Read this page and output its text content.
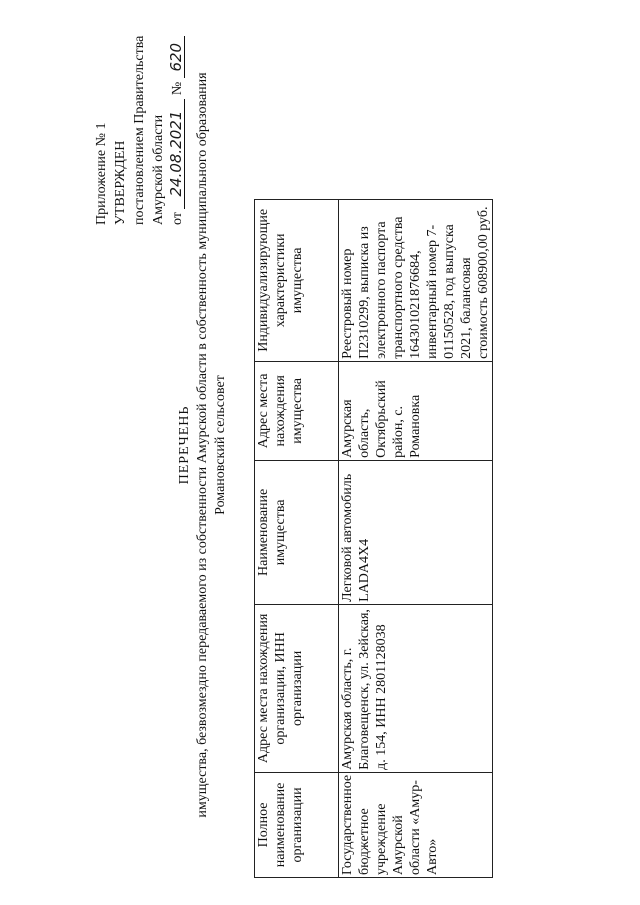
Приложение № 1 УТВЕРЖДЕН постановлением Правительства Амурской области от 24.08.2021 № 620
ПЕРЕЧЕНЬ имущества, безвозмездно передаваемого из собственности Амурской области в собственность муниципального образования Романовский сельсовет
Полное наименование организации	Адрес места нахождения организации, ИНН организации	Наименование имущества	Адрес места нахождения имущества	Индивидуализирующие характеристики имущества
Государственное бюджетное учреждение Амурской области «Амур-Авто»	Амурская область, г. Благовещенск, ул. Зейская, д. 154, ИНН 2801128038	Легковой автомобиль LADA4X4	Амурская область, Октябрьский район, с. Романовка	Реестровый номер П2310299, выписка из электронного паспорта транспортного средства 164301021876684, инвентарный номер 7-01150528, год выпуска 2021, балансовая стоимость 608900,00 руб.
